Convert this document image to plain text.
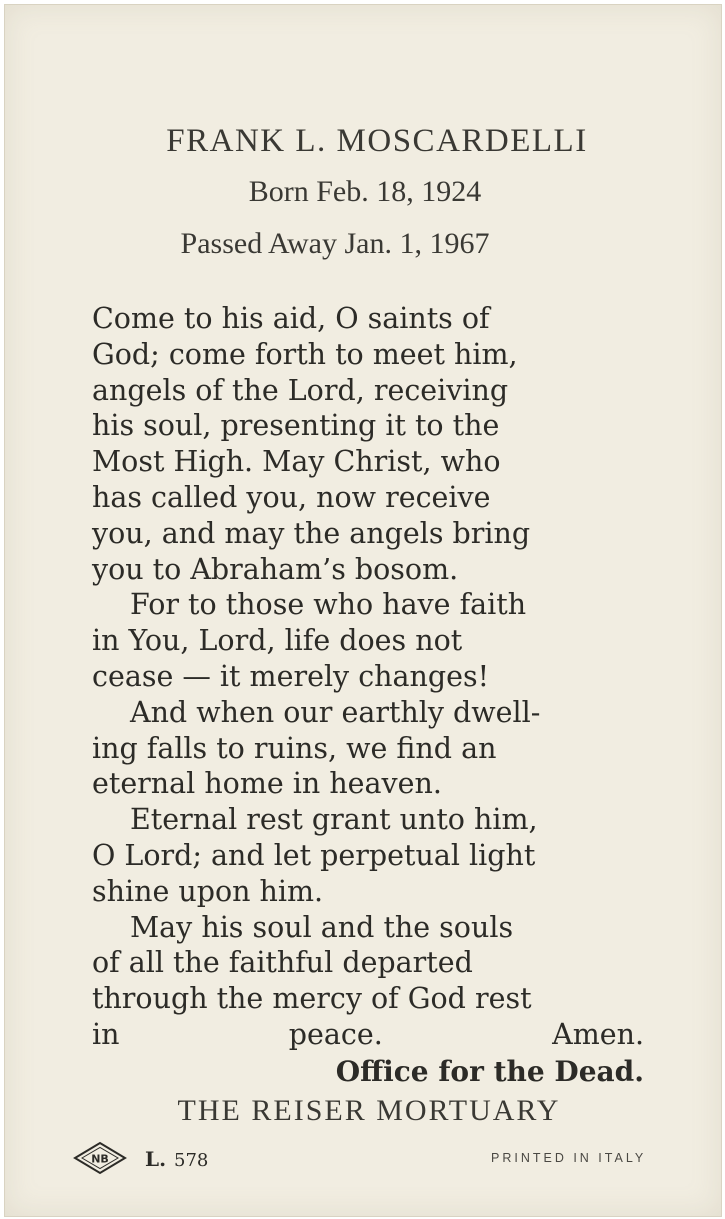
FRANK L. MOSCARDELLI
Born Feb. 18, 1924
Passed Away Jan. 1, 1967
Come to his aid, O saints of
God; come forth to meet him,
angels of the Lord, receiving
his soul, presenting it to the
Most High. May Christ, who
has called you, now receive
you, and may the angels bring
you to Abraham’s bosom.
For to those who have faith
in You, Lord, life does not
cease — it merely changes!
And when our earthly dwell-
ing falls to ruins, we find an
eternal home in heaven.
Eternal rest grant unto him,
O Lord; and let perpetual light
shine upon him.
May his soul and the souls
of all the faithful departed
through the mercy of God rest
in peace.	Amen.
Office for the Dead.
THE REISER MORTUARY
NB L. 578	PRINTED IN ITALY
